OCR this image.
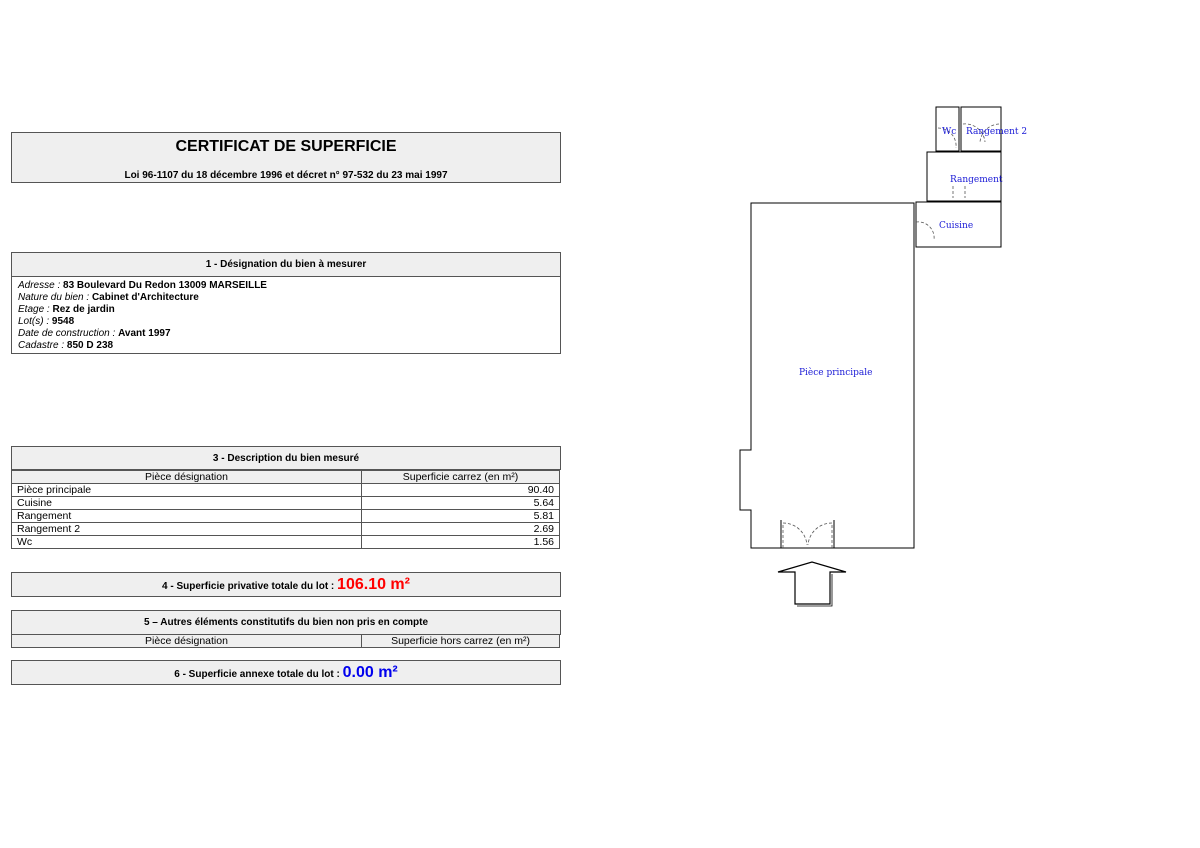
CERTIFICAT DE SUPERFICIE
Loi 96-1107 du 18 décembre 1996 et décret n° 97-532 du 23 mai 1997
1 - Désignation du bien à mesurer
Adresse : 83 Boulevard Du Redon 13009 MARSEILLE
Nature du bien : Cabinet d'Architecture
Etage : Rez de jardin
Lot(s) : 9548
Date de construction : Avant 1997
Cadastre : 850 D 238
3 - Description du bien mesuré
Pièce désignation	Superficie carrez (en m²)
Pièce principale	90.40
Cuisine	5.64
Rangement	5.81
Rangement 2	2.69
Wc	1.56
4 - Superficie privative totale du lot : 106.10 m²
5 – Autres éléments constitutifs du bien non pris en compte
Pièce désignation	Superficie hors carrez (en m²)
6 - Superficie annexe totale du lot : 0.00 m²
Wc Rangement 2
Rangement
Cuisine
Pièce principale
